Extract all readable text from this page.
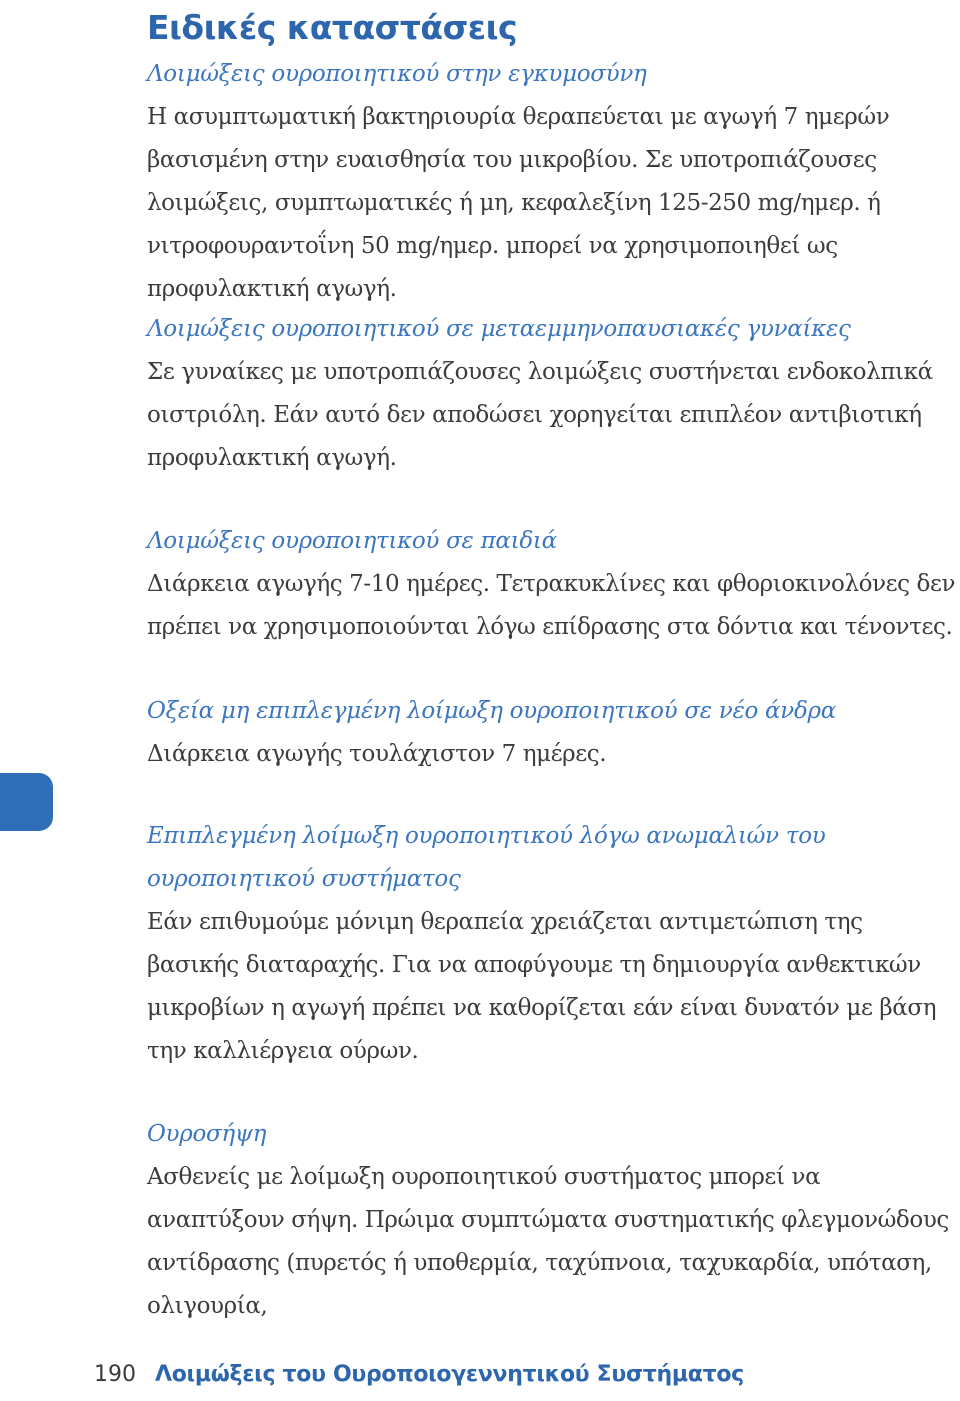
Ειδικές καταστάσεις
Λοιμώξεις ουροποιητικού στην εγκυμοσύνη

Η ασυμπτωματική βακτηριουρία θεραπεύεται με αγωγή 7 ημερών βασισμένη στην ευαισθησία του μικροβίου. Σε υποτροπιάζουσες λοιμώξεις, συμπτωματικές ή μη, κεφαλεξίνη 125-250 mg/ημερ. ή νιτροφουραντοΐνη 50 mg/ημερ. μπορεί να χρησιμοποιηθεί ως προφυλακτική αγωγή.

Λοιμώξεις ουροποιητικού σε μεταεμμηνοπαυσιακές γυναίκες

Σε γυναίκες με υποτροπιάζουσες λοιμώξεις συστήνεται ενδοκολπικά οιστριόλη. Εάν αυτό δεν αποδώσει χορηγείται επιπλέον αντιβιοτική προφυλακτική αγωγή.

Λοιμώξεις ουροποιητικού σε παιδιά

Διάρκεια αγωγής 7-10 ημέρες. Τετρακυκλίνες και φθοριοκινολόνες δεν πρέπει να χρησιμοποιούνται λόγω επίδρασης στα δόντια και τένοντες.

Οξεία μη επιπλεγμένη λοίμωξη ουροποιητικού σε νέο άνδρα

Διάρκεια αγωγής τουλάχιστον 7 ημέρες.

Επιπλεγμένη λοίμωξη ουροποιητικού λόγω ανωμαλιών του ουροποιητικού συστήματος

Εάν επιθυμούμε μόνιμη θεραπεία χρειάζεται αντιμετώπιση της βασικής διαταραχής. Για να αποφύγουμε τη δημιουργία ανθεκτικών μικροβίων η αγωγή πρέπει να καθορίζεται εάν είναι δυνατόν με βάση την καλλιέργεια ούρων.

Ουροσήψη

Ασθενείς με λοίμωξη ουροποιητικού συστήματος μπορεί να αναπτύξουν σήψη. Πρώιμα συμπτώματα συστηματικής φλεγμονώδους αντίδρασης (πυρετός ή υποθερμία, ταχύπνοια, ταχυκαρδία, υπόταση, ολιγουρία,

190 Λοιμώξεις του Ουροποιογεννητικού Συστήματος
